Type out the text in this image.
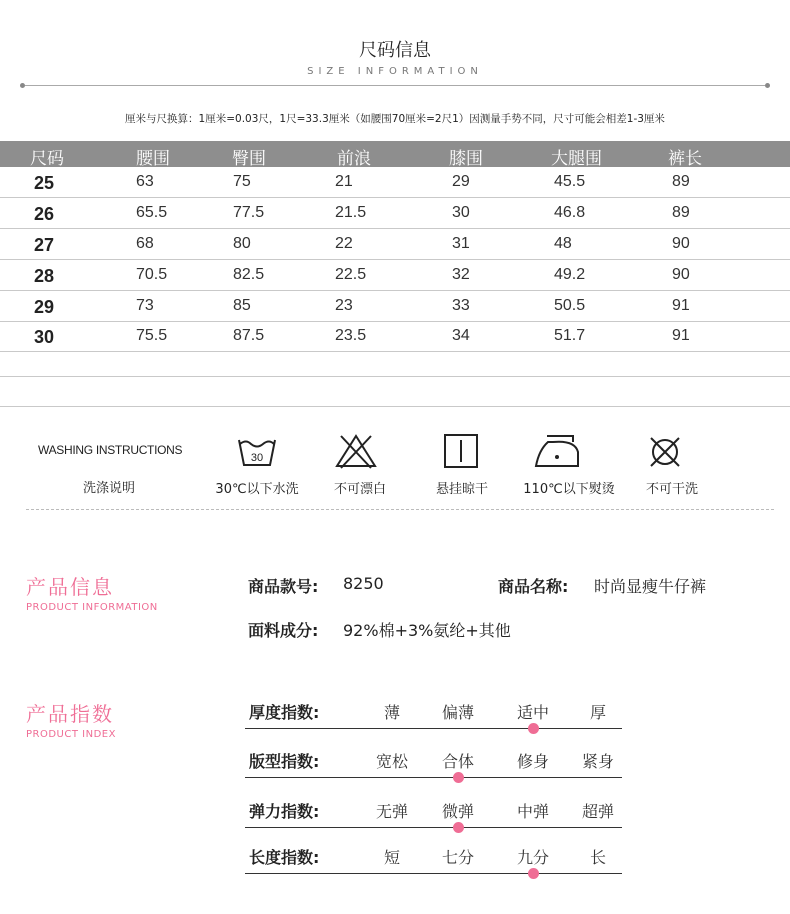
尺码信息
SIZE INFORMATION
厘米与尺换算：1厘米=0.03尺，1尺=33.3厘米（如腰围70厘米=2尺1）因测量手势不同，尺寸可能会相差1-3厘米
尺码	腰围	臀围	前浪	膝围	大腿围	裤长
25	63	75	21	29	45.5	89
26	65.5	77.5	21.5	30	46.8	89
27	68	80	22	31	48	90
28	70.5	82.5	22.5	32	49.2	90
29	73	85	23	33	50.5	91
30	75.5	87.5	23.5	34	51.7	91
WASHING INSTRUCTIONS
洗涤说明
30
30℃以下水洗	不可漂白	悬挂晾干	110℃以下熨烫	不可干洗
产品信息
PRODUCT INFORMATION
商品款号: 8250	商品名称: 时尚显瘦牛仔裤
面料成分: 92%棉+3%氨纶+其他
产品指数
PRODUCT INDEX
厚度指数:	薄	偏薄	适中	厚
版型指数:	宽松	合体	修身	紧身
弹力指数:	无弹	微弹	中弹	超弹
长度指数:	短	七分	九分	长
